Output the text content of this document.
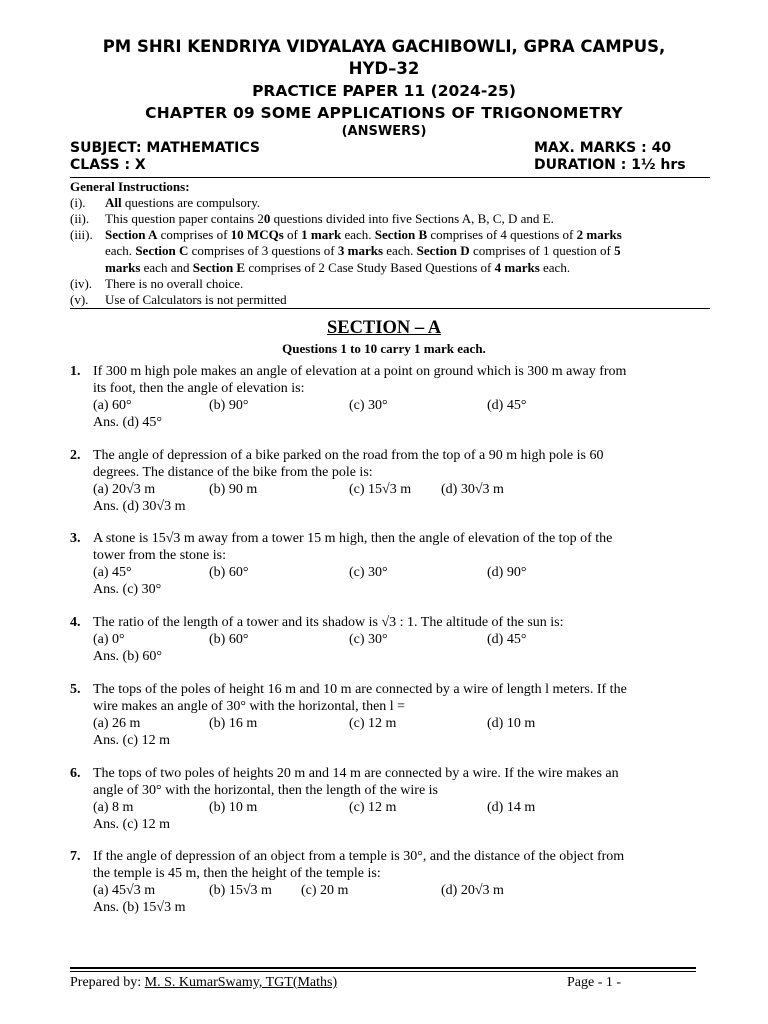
PM SHRI KENDRIYA VIDYALAYA GACHIBOWLI, GPRA CAMPUS,
HYD–32
PRACTICE PAPER 11 (2024-25)
CHAPTER 09 SOME APPLICATIONS OF TRIGONOMETRY
(ANSWERS)
SUBJECT: MATHEMATICS	MAX. MARKS : 40
CLASS : X	DURATION : 1½ hrs
General Instructions:
(i). All questions are compulsory.
(ii). This question paper contains 20 questions divided into five Sections A, B, C, D and E.
(iii). Section A comprises of 10 MCQs of 1 mark each. Section B comprises of 4 questions of 2 marks
each. Section C comprises of 3 questions of 3 marks each. Section D comprises of 1 question of 5
marks each and Section E comprises of 2 Case Study Based Questions of 4 marks each.
(iv). There is no overall choice.
(v). Use of Calculators is not permitted
SECTION – A
Questions 1 to 10 carry 1 mark each.
1. If 300 m high pole makes an angle of elevation at a point on ground which is 300 m away from
its foot, then the angle of elevation is:
(a) 60°	(b) 90°	(c) 30°	(d) 45°
Ans. (d) 45°
2. The angle of depression of a bike parked on the road from the top of a 90 m high pole is 60
degrees. The distance of the bike from the pole is:
(a) 20√3 m	(b) 90 m	(c) 15√3 m (d) 30√3 m
Ans. (d) 30√3 m
3. A stone is 15√3 m away from a tower 15 m high, then the angle of elevation of the top of the
tower from the stone is:
(a) 45°	(b) 60°	(c) 30°	(d) 90°
Ans. (c) 30°
4. The ratio of the length of a tower and its shadow is √3 : 1. The altitude of the sun is:
(a) 0°	(b) 60°	(c) 30°	(d) 45°
Ans. (b) 60°
5. The tops of the poles of height 16 m and 10 m are connected by a wire of length l meters. If the
wire makes an angle of 30° with the horizontal, then l =
(a) 26 m	(b) 16 m	(c) 12 m	(d) 10 m
Ans. (c) 12 m
6. The tops of two poles of heights 20 m and 14 m are connected by a wire. If the wire makes an
angle of 30° with the horizontal, then the length of the wire is
(a) 8 m	(b) 10 m	(c) 12 m	(d) 14 m
Ans. (c) 12 m
7. If the angle of depression of an object from a temple is 30°, and the distance of the object from
the temple is 45 m, then the height of the temple is:
(a) 45√3 m	(b) 15√3 m (c) 20 m	(d) 20√3 m
Ans. (b) 15√3 m
Prepared by: M. S. KumarSwamy, TGT(Maths)	Page - 1 -
